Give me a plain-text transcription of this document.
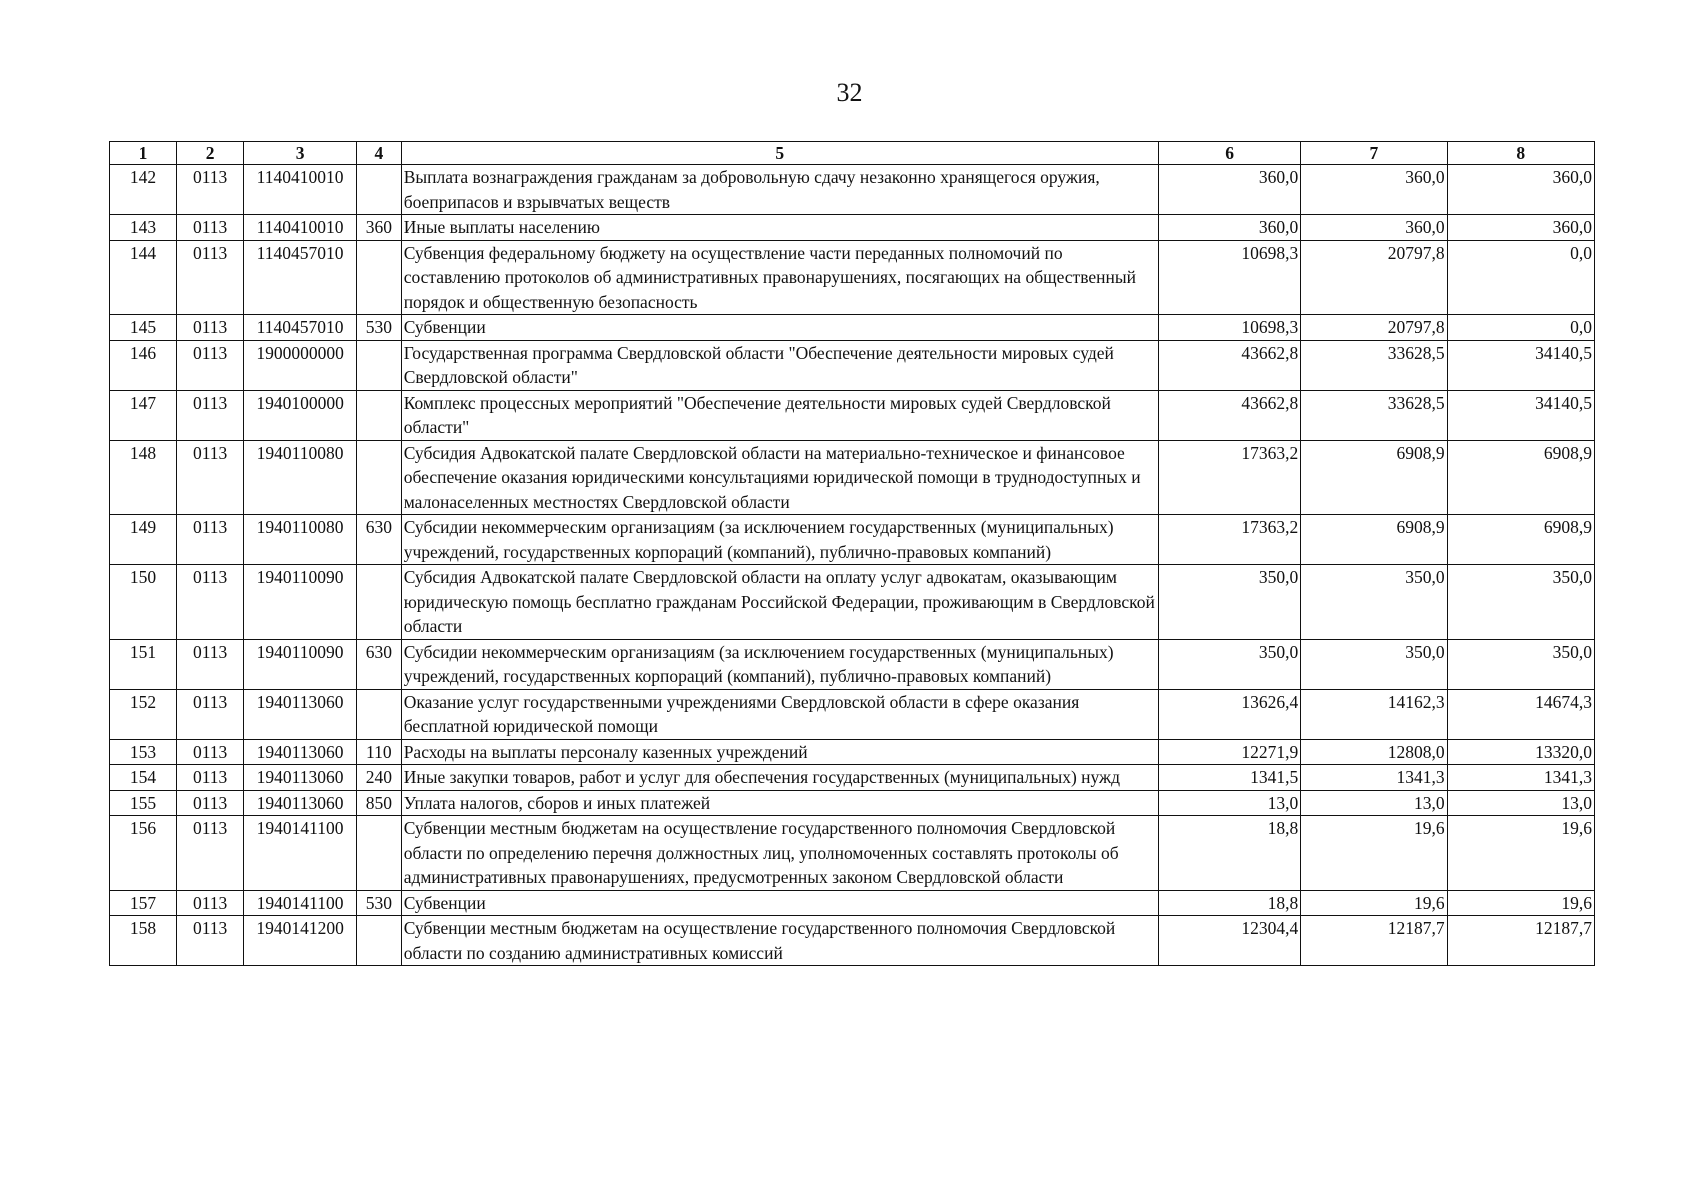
32
1	2	3	4	5	6	7	8
142	0113	1140410010		Выплата вознаграждения гражданам за добровольную сдачу незаконно хранящегося оружия, боеприпасов и взрывчатых веществ	360,0	360,0	360,0
143	0113	1140410010	360	Иные выплаты населению	360,0	360,0	360,0
144	0113	1140457010		Субвенция федеральному бюджету на осуществление части переданных полномочий по составлению протоколов об административных правонарушениях, посягающих на общественный порядок и общественную безопасность	10698,3	20797,8	0,0
145	0113	1140457010	530	Субвенции	10698,3	20797,8	0,0
146	0113	1900000000		Государственная программа Свердловской области "Обеспечение деятельности мировых судей Свердловской области"	43662,8	33628,5	34140,5
147	0113	1940100000		Комплекс процессных мероприятий "Обеспечение деятельности мировых судей Свердловской области"	43662,8	33628,5	34140,5
148	0113	1940110080		Субсидия Адвокатской палате Свердловской области на материально-техническое и финансовое обеспечение оказания юридическими консультациями юридической помощи в труднодоступных и малонаселенных местностях Свердловской области	17363,2	6908,9	6908,9
149	0113	1940110080	630	Субсидии некоммерческим организациям (за исключением государственных (муниципальных) учреждений, государственных корпораций (компаний), публично-правовых компаний)	17363,2	6908,9	6908,9
150	0113	1940110090		Субсидия Адвокатской палате Свердловской области на оплату услуг адвокатам, оказывающим юридическую помощь бесплатно гражданам Российской Федерации, проживающим в Свердловской области	350,0	350,0	350,0
151	0113	1940110090	630	Субсидии некоммерческим организациям (за исключением государственных (муниципальных) учреждений, государственных корпораций (компаний), публично-правовых компаний)	350,0	350,0	350,0
152	0113	1940113060		Оказание услуг государственными учреждениями Свердловской области в сфере оказания бесплатной юридической помощи	13626,4	14162,3	14674,3
153	0113	1940113060	110	Расходы на выплаты персоналу казенных учреждений	12271,9	12808,0	13320,0
154	0113	1940113060	240	Иные закупки товаров, работ и услуг для обеспечения государственных (муниципальных) нужд	1341,5	1341,3	1341,3
155	0113	1940113060	850	Уплата налогов, сборов и иных платежей	13,0	13,0	13,0
156	0113	1940141100		Субвенции местным бюджетам на осуществление государственного полномочия Свердловской области по определению перечня должностных лиц, уполномоченных составлять протоколы об административных правонарушениях, предусмотренных законом Свердловской области	18,8	19,6	19,6
157	0113	1940141100	530	Субвенции	18,8	19,6	19,6
158	0113	1940141200		Субвенции местным бюджетам на осуществление государственного полномочия Свердловской области по созданию административных комиссий	12304,4	12187,7	12187,7
